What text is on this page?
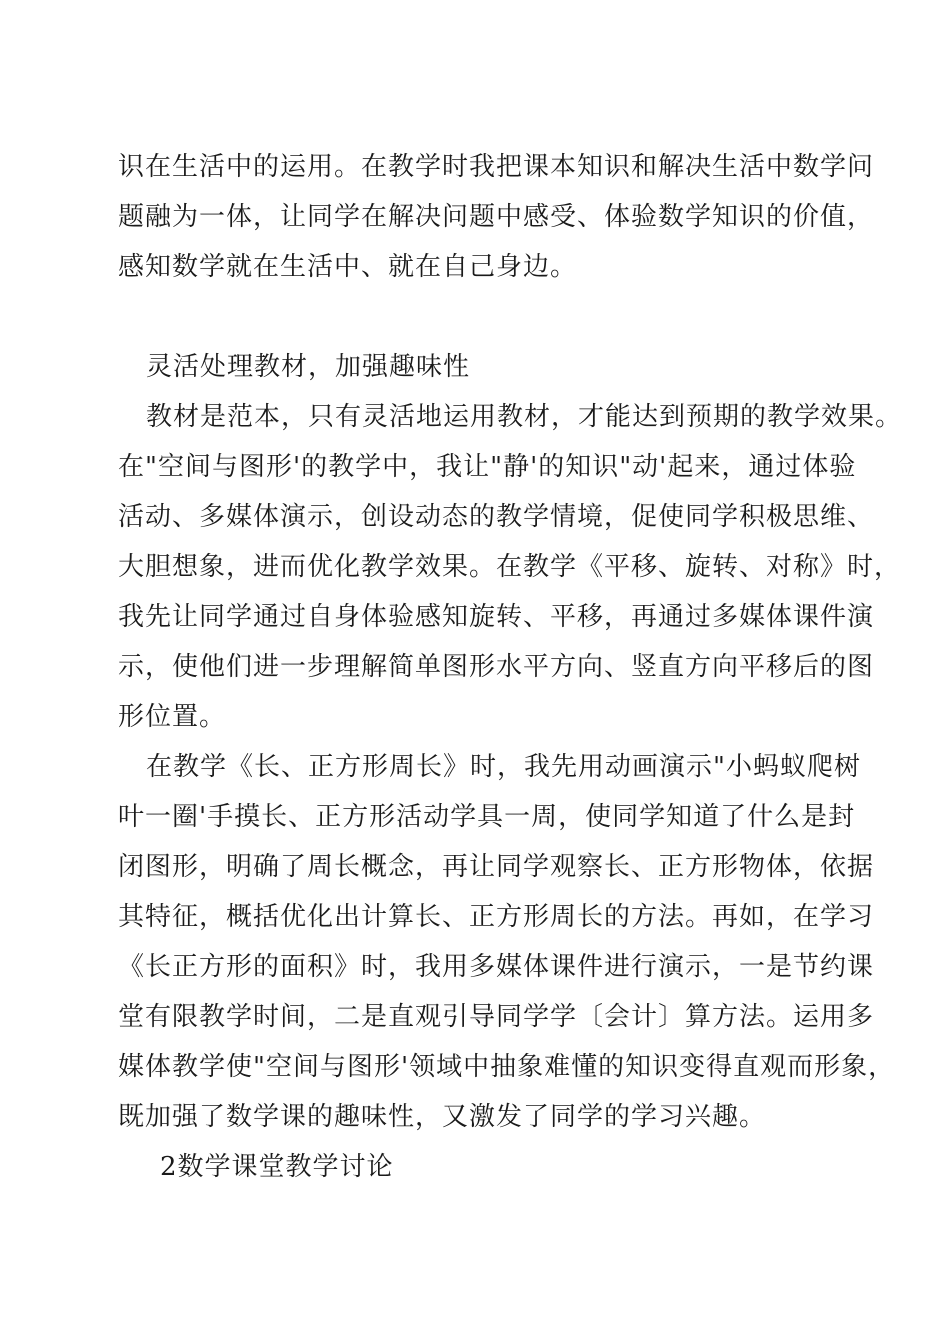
识在生活中的运用。在教学时我把课本知识和解决生活中数学问
题融为一体，让同学在解决问题中感受、体验数学知识的价值，
感知数学就在生活中、就在自己身边。
灵活处理教材，加强趣味性
教材是范本，只有灵活地运用教材，才能达到预期的教学效果。
在"空间与图形'的教学中，我让"静'的知识"动'起来，通过体验
活动、多媒体演示，创设动态的教学情境，促使同学积极思维、
大胆想象，进而优化教学效果。在教学《平移、旋转、对称》时，
我先让同学通过自身体验感知旋转、平移，再通过多媒体课件演
示，使他们进一步理解简单图形水平方向、竖直方向平移后的图
形位置。
在教学《长、正方形周长》时，我先用动画演示"小蚂蚁爬树
叶一圈'手摸长、正方形活动学具一周，使同学知道了什么是封
闭图形，明确了周长概念，再让同学观察长、正方形物体，依据
其特征，概括优化出计算长、正方形周长的方法。再如，在学习
《长正方形的面积》时，我用多媒体课件进行演示，一是节约课
堂有限教学时间，二是直观引导同学学〔会计〕算方法。运用多
媒体教学使"空间与图形'领域中抽象难懂的知识变得直观而形象，
既加强了数学课的趣味性，又激发了同学的学习兴趣。
2数学课堂教学讨论
